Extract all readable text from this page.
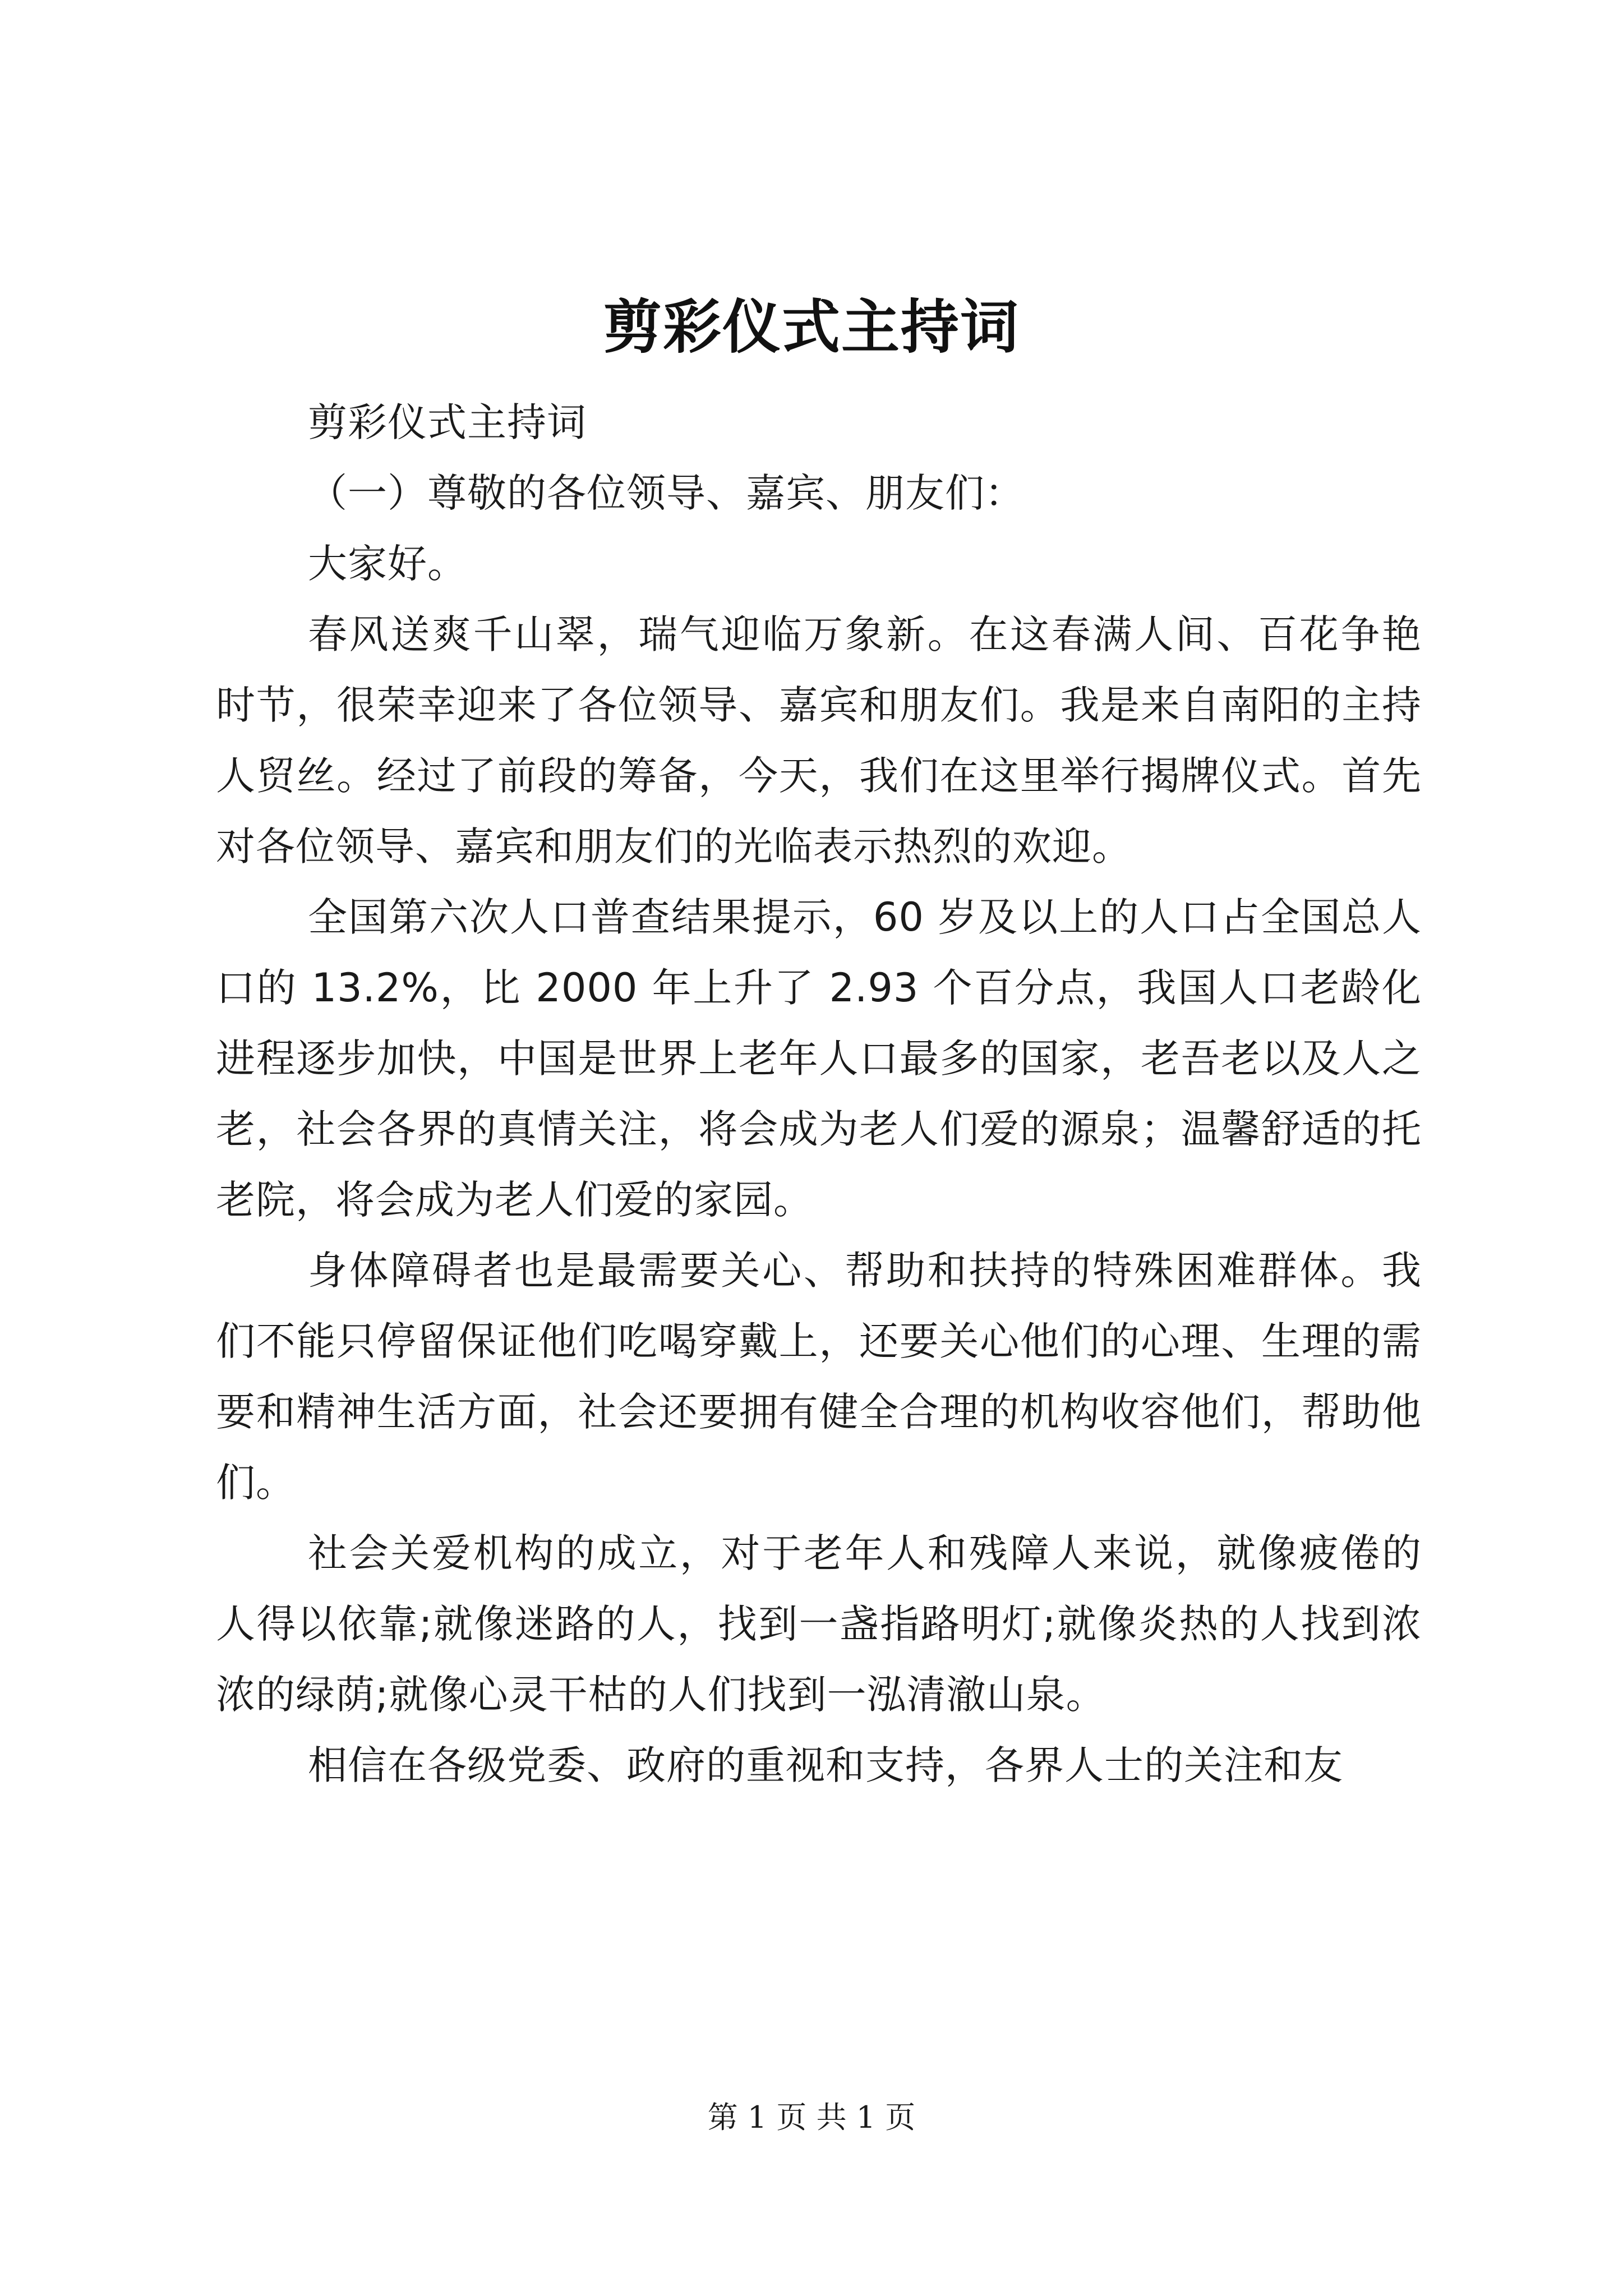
剪彩仪式主持词

剪彩仪式主持词

（一）尊敬的各位领导、嘉宾、朋友们：

大家好。

春风送爽千山翠，瑞气迎临万象新。在这春满人间、百花争艳时节，很荣幸迎来了各位领导、嘉宾和朋友们。我是来自南阳的主持人贸丝。经过了前段的筹备，今天，我们在这里举行揭牌仪式。首先对各位领导、嘉宾和朋友们的光临表示热烈的欢迎。

全国第六次人口普查结果提示，60 岁及以上的人口占全国总人口的 13.2%，比 2000 年上升了 2.93 个百分点，我国人口老龄化进程逐步加快，中国是世界上老年人口最多的国家，老吾老以及人之老，社会各界的真情关注，将会成为老人们爱的源泉；温馨舒适的托老院，将会成为老人们爱的家园。

身体障碍者也是最需要关心、帮助和扶持的特殊困难群体。我们不能只停留保证他们吃喝穿戴上，还要关心他们的心理、生理的需要和精神生活方面，社会还要拥有健全合理的机构收容他们，帮助他们。

社会关爱机构的成立，对于老年人和残障人来说，就像疲倦的人得以依靠;就像迷路的人，找到一盏指路明灯;就像炎热的人找到浓浓的绿荫;就像心灵干枯的人们找到一泓清澈山泉。

相信在各级党委、政府的重视和支持，各界人士的关注和友

第 1 页 共 1 页
